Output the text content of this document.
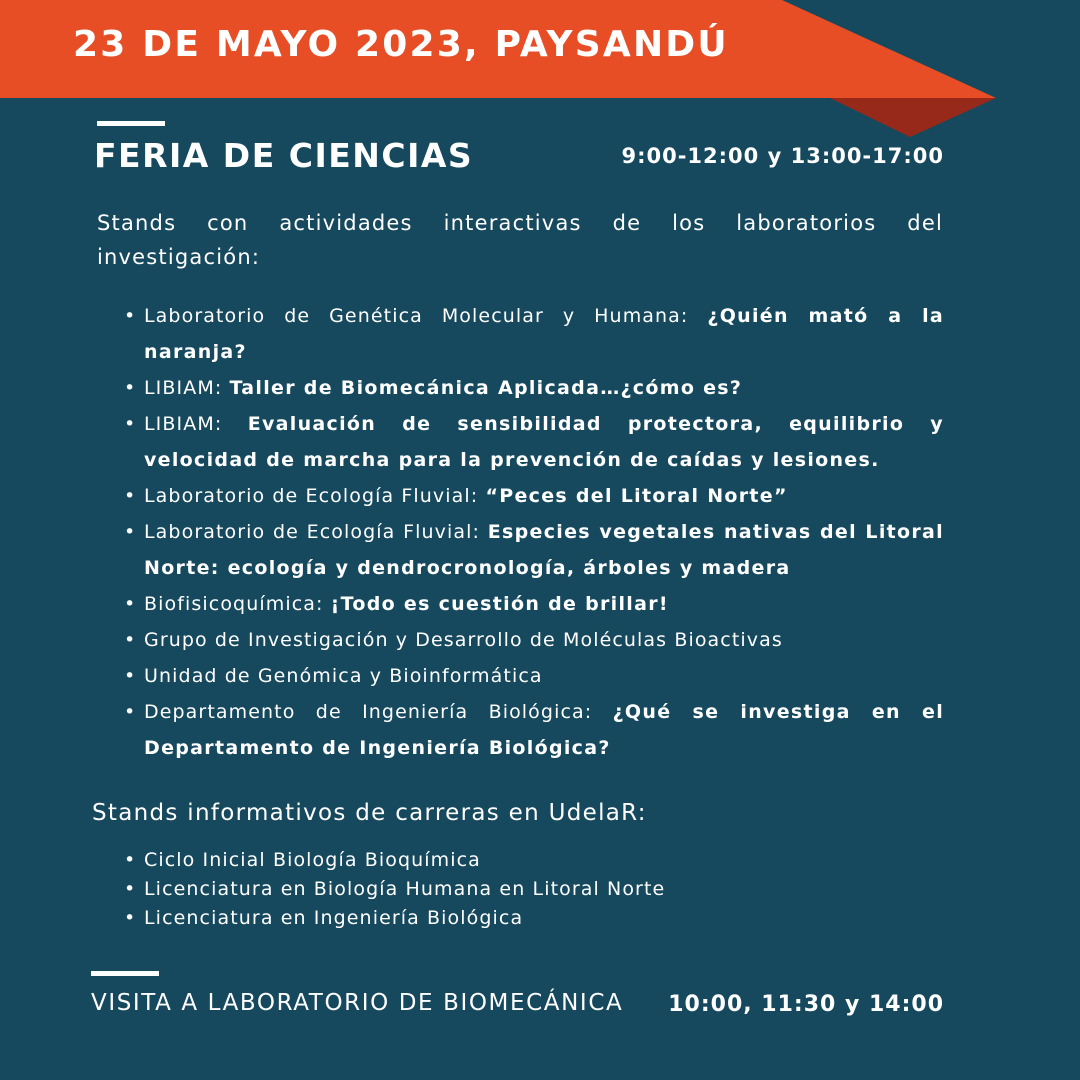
23 DE MAYO 2023, PAYSANDÚ
FERIA DE CIENCIAS	9:00-12:00 y 13:00-17:00
Stands con actividades interactivas de los laboratorios del investigación:
• Laboratorio de Genética Molecular y Humana: ¿Quién mató a la naranja?
• LIBIAM: Taller de Biomecánica Aplicada…¿cómo es?
• LIBIAM: Evaluación de sensibilidad protectora, equilibrio y velocidad de marcha para la prevención de caídas y lesiones.
• Laboratorio de Ecología Fluvial: “Peces del Litoral Norte”
• Laboratorio de Ecología Fluvial: Especies vegetales nativas del Litoral Norte: ecología y dendrocronología, árboles y madera
• Biofisicoquímica: ¡Todo es cuestión de brillar!
• Grupo de Investigación y Desarrollo de Moléculas Bioactivas
• Unidad de Genómica y Bioinformática
• Departamento de Ingeniería Biológica: ¿Qué se investiga en el Departamento de Ingeniería Biológica?
Stands informativos de carreras en UdelaR:
• Ciclo Inicial Biología Bioquímica
• Licenciatura en Biología Humana en Litoral Norte
• Licenciatura en Ingeniería Biológica
VISITA A LABORATORIO DE BIOMECÁNICA 10:00, 11:30 y 14:00
